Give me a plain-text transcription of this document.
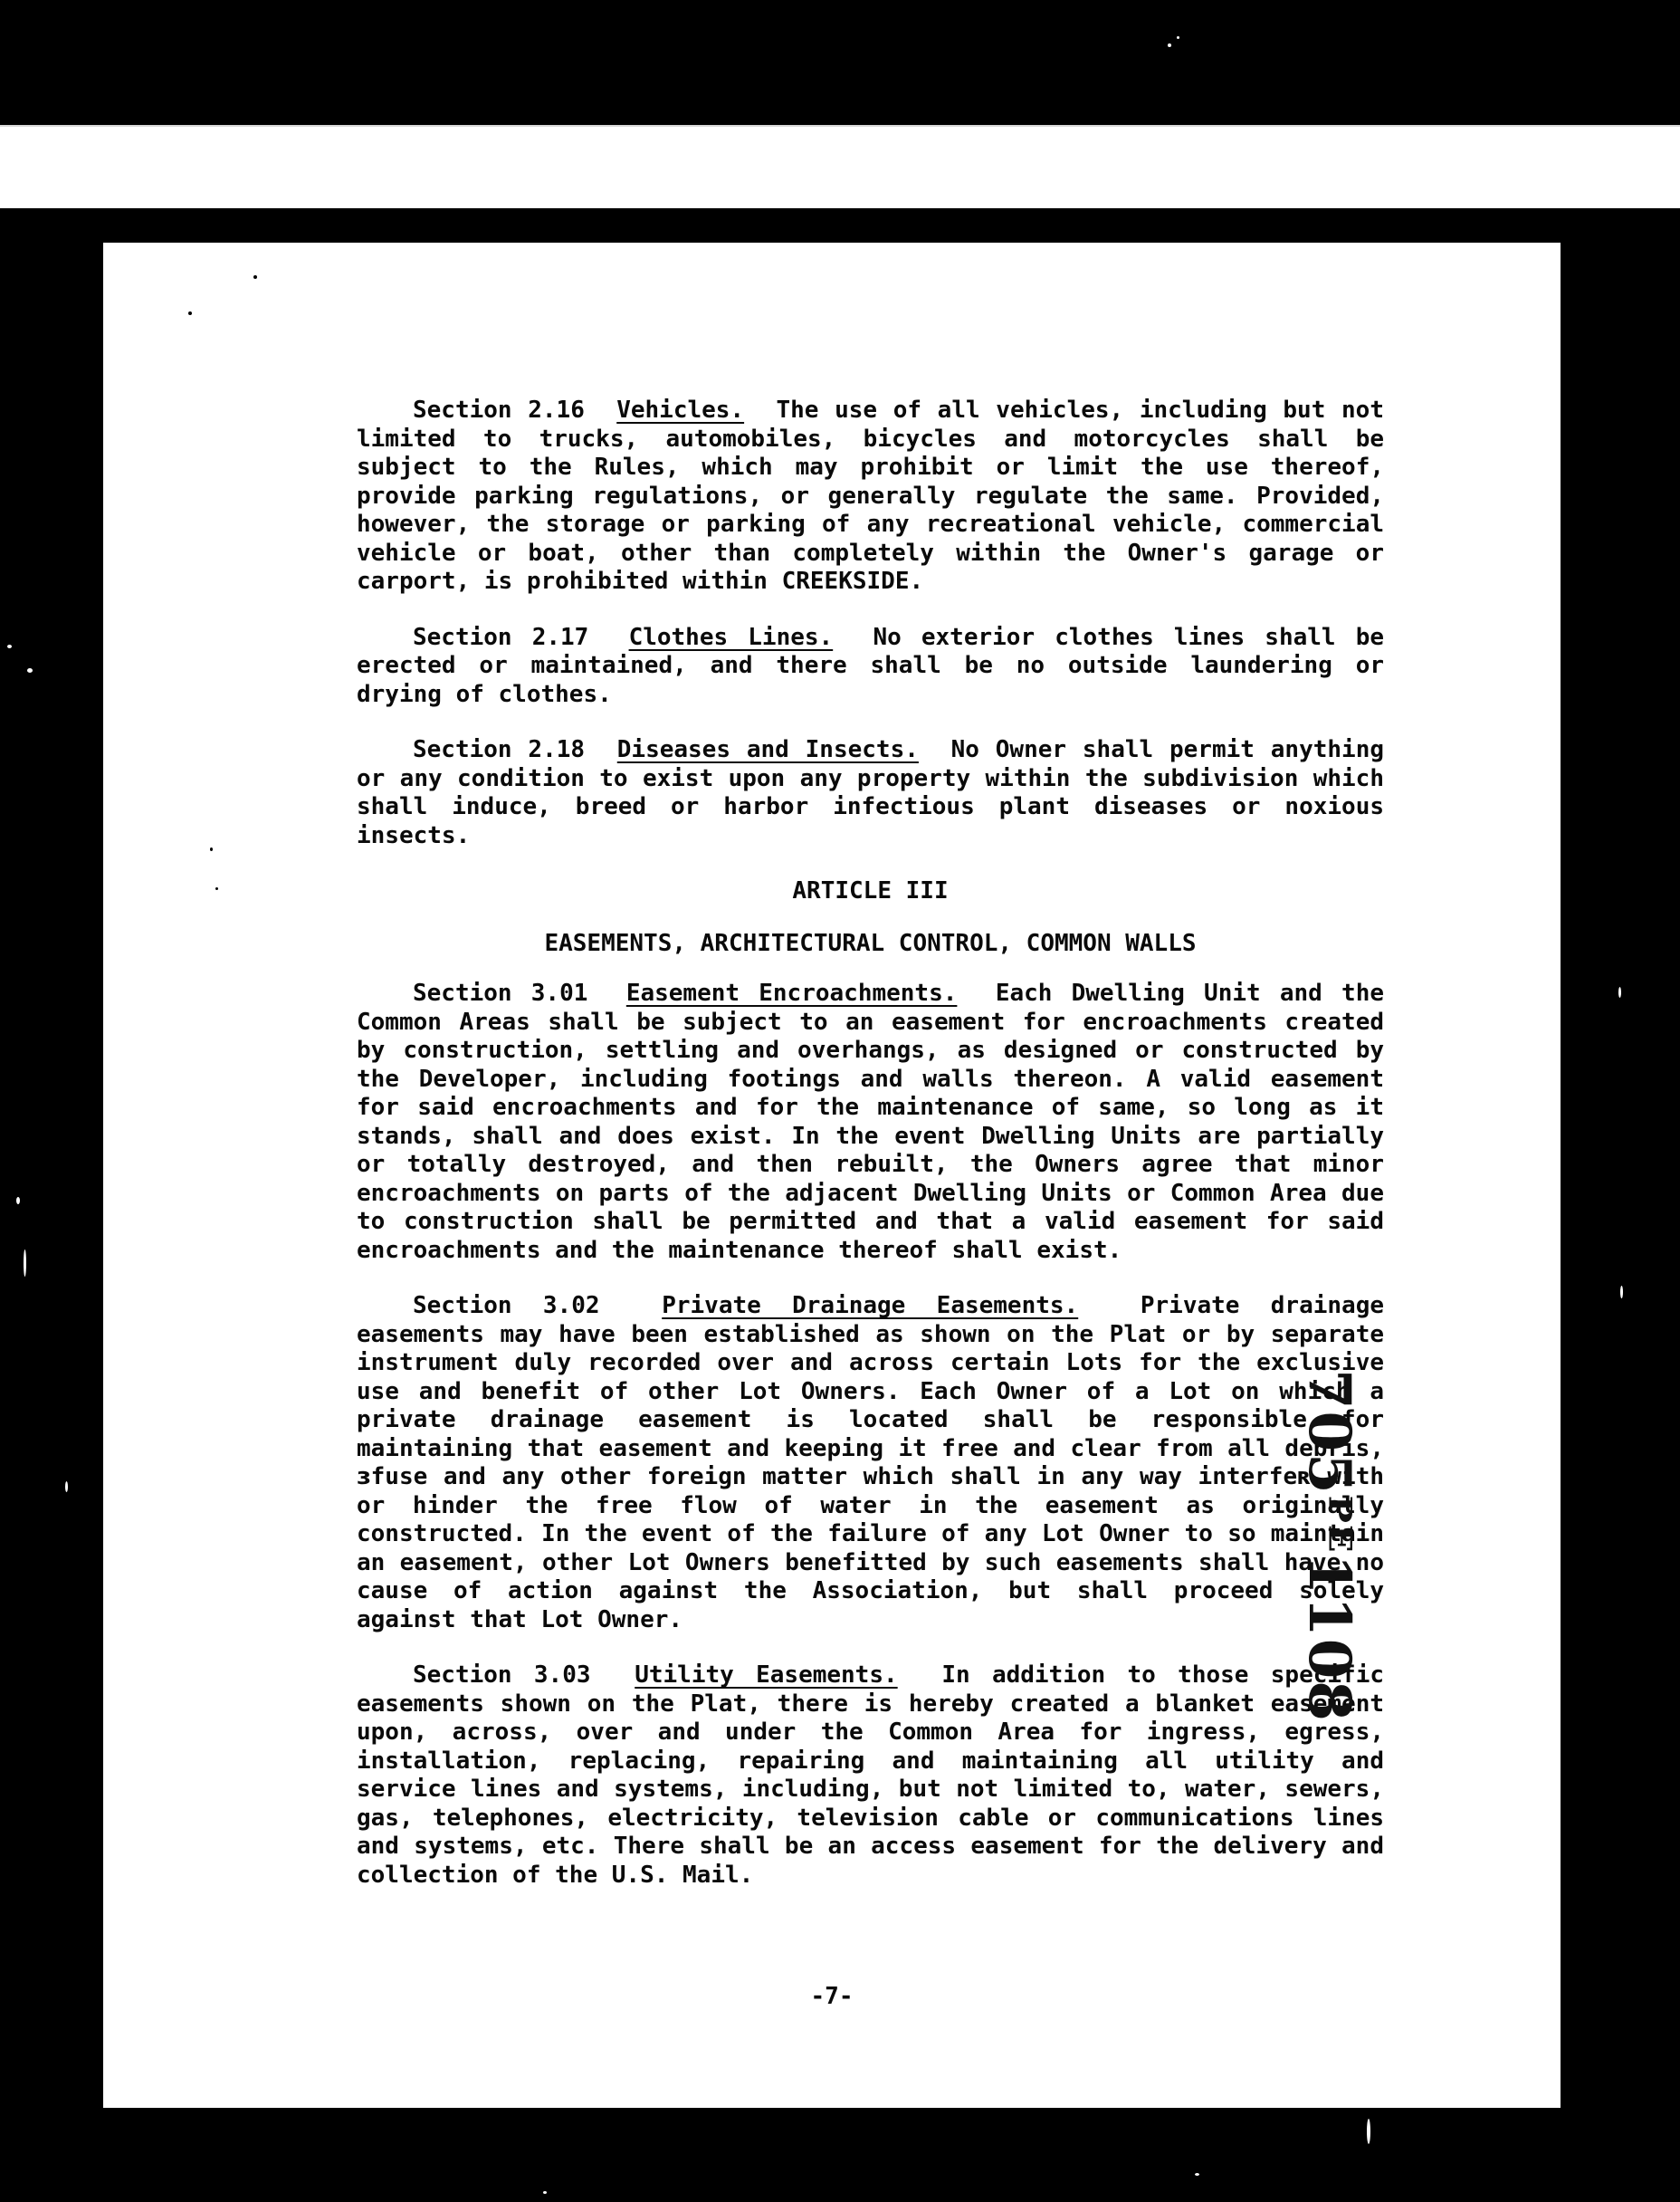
Section 2.16 Vehicles. The use of all vehicles, including but not limited to trucks, automobiles, bicycles and motorcycles shall be subject to the Rules, which may prohibit or limit the use thereof, provide parking regulations, or generally regulate the same. Provided, however, the storage or parking of any recreational vehicle, commercial vehicle or boat, other than completely within the Owner's garage or carport, is prohibited within CREEKSIDE.

Section 2.17 Clothes Lines. No exterior clothes lines shall be erected or maintained, and there shall be no outside laundering or drying of clothes.

Section 2.18 Diseases and Insects. No Owner shall permit anything or any condition to exist upon any property within the subdivision which shall induce, breed or harbor infectious plant diseases or noxious insects.

ARTICLE III

EASEMENTS, ARCHITECTURAL CONTROL, COMMON WALLS

Section 3.01 Easement Encroachments. Each Dwelling Unit and the Common Areas shall be subject to an easement for encroachments created by construction, settling and overhangs, as designed or constructed by the Developer, including footings and walls thereon. A valid easement for said encroachments and for the maintenance of same, so long as it stands, shall and does exist. In the event Dwelling Units are partially or totally destroyed, and then rebuilt, the Owners agree that minor encroachments on parts of the adjacent Dwelling Units or Common Area due to construction shall be permitted and that a valid easement for said encroachments and the maintenance thereof shall exist.

Section 3.02	Private Drainage Easements.	Private drainage easements may have been established as shown on the Plat or by separate instrument duly recorded over and across certain Lots for the exclusive use and benefit of other Lot Owners. Each Owner of a Lot on which a private drainage easement is located shall be responsible for maintaining that easement and keeping it free and clear from all debris, ɜfuse and any other foreign matter which shall in any way interfeʀ with or hinder the free flow of water in the easement as originally constructed. In the event of the failure of any Lot Owner to so maintain an easement, other Lot Owners benefitted by such easements shall have no cause of action against the Association, but shall proceed solely against that Lot Owner.

Section 3.03 Utility Easements. In addition to those specific easements shown on the Plat, there is hereby created a blanket easement upon, across, over and under the Common Area for ingress, egress, installation, replacing, repairing and maintaining all utility and service lines and systems, including, but not limited to, water, sewers, gas, telephones, electricity, television cable or communications lines and systems, etc. There shall be an access easement for the delivery and collection of the U.S. Mail.

-7-
705ᴾᴱ1108
